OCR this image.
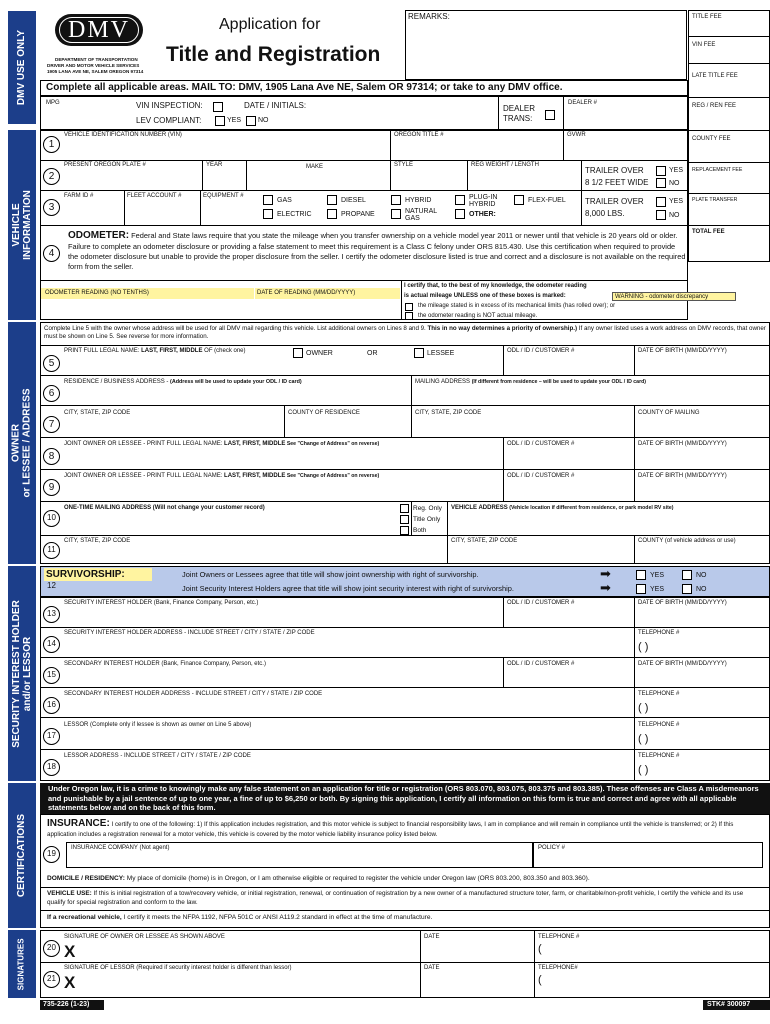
DMV USE ONLY
VEHICLE INFORMATION
OWNER or LESSEE / ADDRESS
SECURITY INTEREST HOLDER and/or LESSOR
CERTIFICATIONS
SIGNATURES
DMV
DEPARTMENT OF TRANSPORTATION
DRIVER AND MOTOR VEHICLE SERVICES
1905 LANA AVE NE, SALEM OREGON 97314
Application for
Title and Registration
REMARKS:	TITLE FEE
VIN FEE
LATE TITLE FEE
REG / REN FEE
COUNTY FEE
REPLACEMENT FEE
PLATE TRANSFER
TOTAL FEE
Complete all applicable areas. MAIL TO: DMV, 1905 Lana Ave NE, Salem OR 97314; or take to any DMV office.
MPG	VIN INSPECTION:	DATE / INITIALS:
LEV COMPLIANT:	YES NO
DEALER
TRANS:
DEALER #
1
VEHICLE IDENTIFICATION NUMBER (VIN)	OREGON TITLE #	GVWR
2
PRESENT OREGON PLATE #	YEAR	MAKE	STYLE	REG WEIGHT / LENGTH
TRAILER OVER
8 1/2 FEET WIDE
YES
NO
3
FARM ID #	FLEET ACCOUNT #	EQUIPMENT #
GAS
ELECTRIC
DIESEL
PROPANE
HYBRID
NATURAL
GAS
PLUG-IN
HYBRID
OTHER:
FLEX-FUEL TRAILER OVER
8,000 LBS.
YES
NO
4
ODOMETER: Federal and State laws require that you state the mileage when you transfer ownership on a vehicle model year 2011 or newer until that vehicle is 20 years old or older. Failure to complete an odometer disclosure or providing a false statement to meet this requirement is a Class C felony under ORS 815.430. Use this certification when required to provide the odometer disclosure but unable to provide the proper disclosure from the seller. I certify the odometer disclosure listed is true and correct and a disclosure is not available on the required form from the seller.
ODOMETER READING (NO TENTHS)	DATE OF READING (MM/DD/YYYY)
I certify that, to the best of my knowledge, the odometer reading
is actual mileage UNLESS one of these boxes is marked:	WARNING - odometer discrepancy
the mileage stated is in excess of its mechanical limits (has rolled over); or
the odometer reading is NOT actual mileage.
Complete Line 5 with the owner whose address will be used for all DMV mail regarding this vehicle. List additional owners on Lines 8 and 9. This in no way determines a priority of ownership.) If any owner listed uses a work address on DMV records, that owner must be shown on Line 5. See reverse for more information.
5
PRINT FULL LEGAL NAME: LAST, FIRST, MIDDLE OF (check one)	OWNER	OR	LESSEE	ODL / ID / CUSTOMER #	DATE OF BIRTH (MM/DD/YYYY)
6
RESIDENCE / BUSINESS ADDRESS - (Address will be used to update your ODL / ID card)	MAILING ADDRESS (If different from residence – will be used to update your ODL / ID card)
7
CITY, STATE, ZIP CODE	COUNTY OF RESIDENCE	CITY, STATE, ZIP CODE	COUNTY OF MAILING
8
JOINT OWNER OR LESSEE - PRINT FULL LEGAL NAME: LAST, FIRST, MIDDLE See "Change of Address" on reverse)	ODL / ID / CUSTOMER #	DATE OF BIRTH (MM/DD/YYYY)
9
JOINT OWNER OR LESSEE - PRINT FULL LEGAL NAME: LAST, FIRST, MIDDLE See "Change of Address" on reverse)	ODL / ID / CUSTOMER #	DATE OF BIRTH (MM/DD/YYYY)
10
ONE-TIME MAILING ADDRESS (Will not change your customer record)	Reg. Only
Title Only
Both
VEHICLE ADDRESS (Vehicle location if different from residence, or park model RV site)
11
CITY, STATE, ZIP CODE	CITY, STATE, ZIP CODE	COUNTY (of vehicle address or use)
12
SURVIVORSHIP:	Joint Owners or Lessees agree that title will show joint ownership with right of survivorship.
Joint Security Interest Holders agree that title will show joint security interest with right of survivorship.
➡
➡
YES	NO
YES	NO
13
SECURITY INTEREST HOLDER (Bank, Finance Company, Person, etc.)	ODL / ID / CUSTOMER #	DATE OF BIRTH (MM/DD/YYYY)
14
SECURITY INTEREST HOLDER ADDRESS - INCLUDE STREET / CITY / STATE / ZIP CODE	TELEPHONE #
( )
15
SECONDARY INTEREST HOLDER (Bank, Finance Company, Person, etc.)	ODL / ID / CUSTOMER #	DATE OF BIRTH (MM/DD/YYYY)
16
SECONDARY INTEREST HOLDER ADDRESS - INCLUDE STREET / CITY / STATE / ZIP CODE	TELEPHONE #
( )
17
LESSOR (Complete only if lessee is shown as owner on Line 5 above)	TELEPHONE #
( )
18
LESSOR ADDRESS - INCLUDE STREET / CITY / STATE / ZIP CODE	TELEPHONE #
( )
Under Oregon law, it is a crime to knowingly make any false statement on an application for title or registration (ORS 803.070, 803.075, 803.375 and 803.385). These offenses are Class A misdemeanors and punishable by a jail sentence of up to one year, a fine of up to $6,250 or both. By signing this application, I certify all information on this form is true and correct and agree with all applicable statements below and on the back of this form.
INSURANCE: I certify to one of the following: 1) If this application includes registration, and this motor vehicle is subject to financial responsibility laws, I am in compliance and will remain in compliance until the vehicle is transferred; or 2) If this application includes a registration renewal for a motor vehicle, this vehicle is covered by the motor vehicle liability insurance policy listed below.
19
INSURANCE COMPANY (Not agent)	POLICY #
DOMICILE / RESIDENCY: My place of domicile (home) is in Oregon, or I am otherwise eligible or required to register the vehicle under Oregon law (ORS 803.200, 803.350 and 803.360).
VEHICLE USE: If this is initial registration of a tow/recovery vehicle, or initial registration, renewal, or continuation of registration by a new owner of a manufactured structure toter, farm, or charitable/non-profit vehicle, I certify the vehicle and its use qualify for special registration and conform to the law.
If a recreational vehicle, I certify it meets the NFPA 1192, NFPA 501C or ANSI A119.2 standard in effect at the time of manufacture.
20
SIGNATURE OF OWNER OR LESSEE AS SHOWN ABOVE
X
DATE	TELEPHONE #
(
21
SIGNATURE OF LESSOR (Required if security interest holder is different than lessor)
X
DATE	TELEPHONE#
(
735-226 (1-23)	STK# 300097
